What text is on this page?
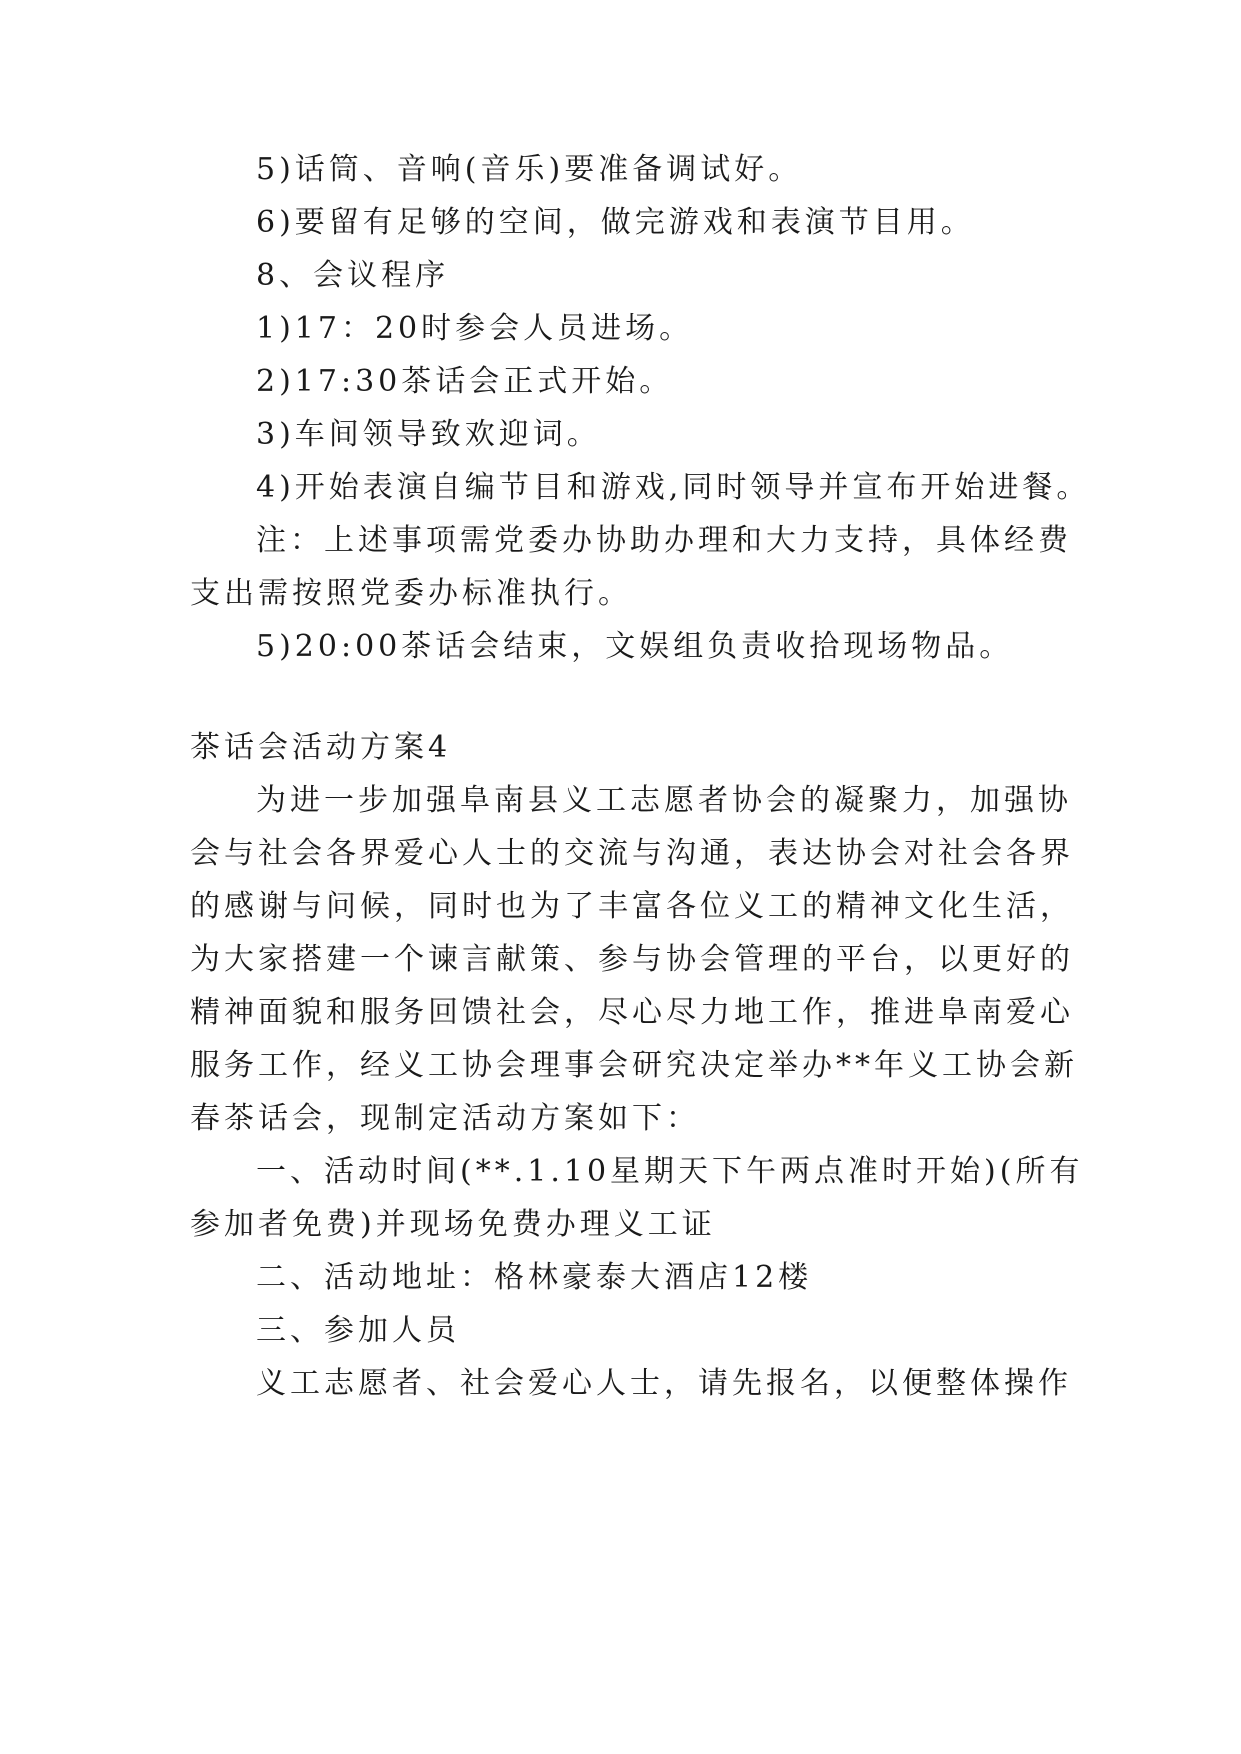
5)话筒、音响(音乐)要准备调试好。

6)要留有足够的空间，做完游戏和表演节目用。

8、会议程序

1)17：20时参会人员进场。

2)17:30茶话会正式开始。

3)车间领导致欢迎词。

4)开始表演自编节目和游戏,同时领导并宣布开始进餐。

注：上述事项需党委办协助办理和大力支持，具体经费

支出需按照党委办标准执行。

5)20:00茶话会结束，文娱组负责收拾现场物品。

茶话会活动方案4

为进一步加强阜南县义工志愿者协会的凝聚力，加强协

会与社会各界爱心人士的交流与沟通，表达协会对社会各界

的感谢与问候，同时也为了丰富各位义工的精神文化生活，

为大家搭建一个谏言献策、参与协会管理的平台，以更好的

精神面貌和服务回馈社会，尽心尽力地工作，推进阜南爱心

服务工作，经义工协会理事会研究决定举办**年义工协会新

春茶话会，现制定活动方案如下：

一、活动时间(**.1.10星期天下午两点准时开始)(所有

参加者免费)并现场免费办理义工证

二、活动地址：格林豪泰大酒店12楼

三、参加人员

义工志愿者、社会爱心人士，请先报名，以便整体操作
